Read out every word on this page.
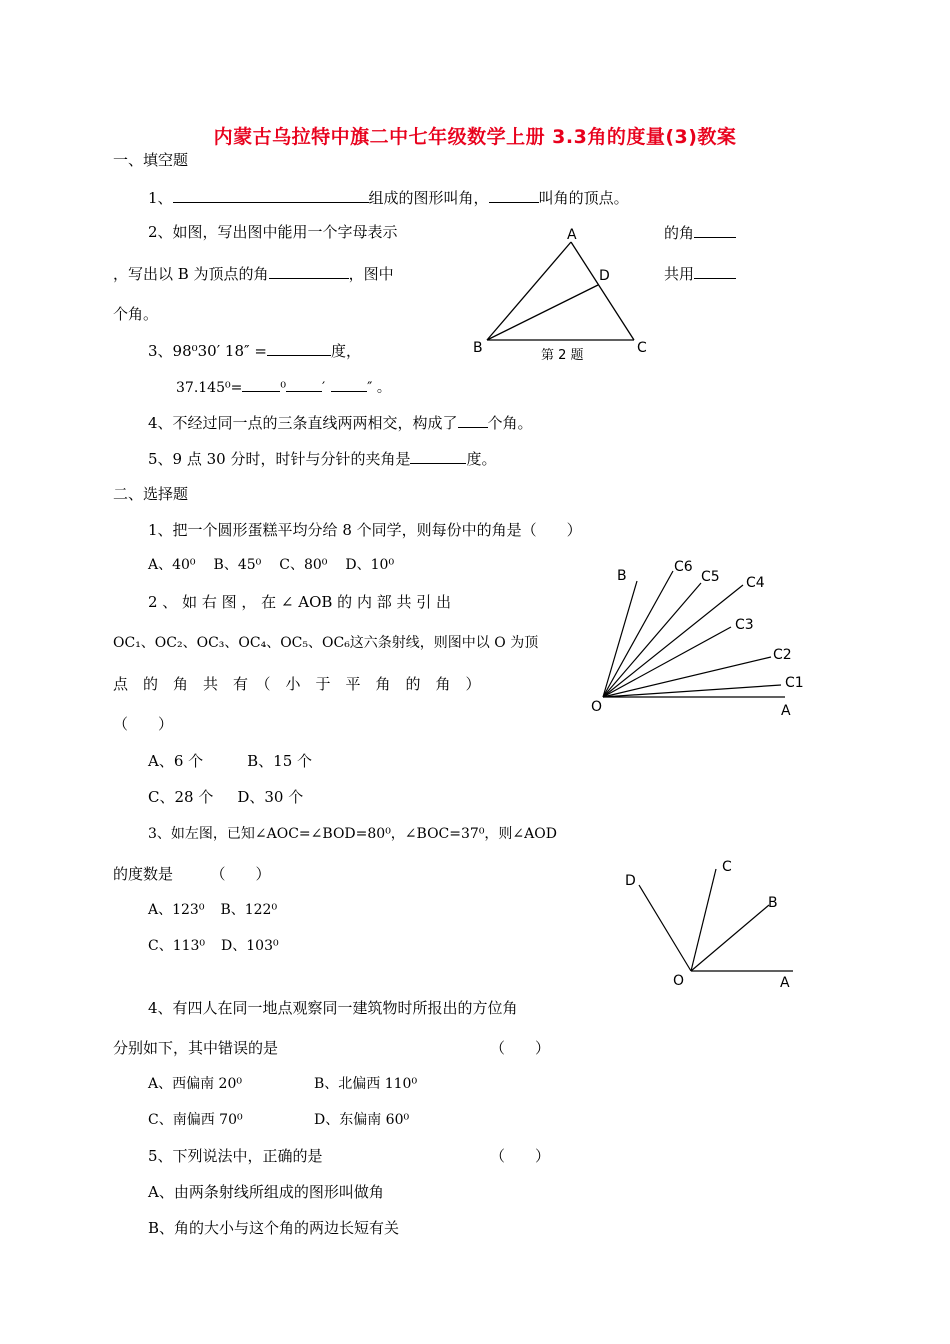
内蒙古乌拉特中旗二中七年级数学上册 3.3角的度量(3)教案
一、填空题
1、	组成的图形叫角，	叫角的顶点。
2、如图，写出图中能用一个字母表示	的角
，写出以 B 为顶点的角	，图中	共用
个角。
3、98⁰30′ 18″ =	度，
37.145⁰=	⁰	′	″ 。
4、不经过同一点的三条直线两两相交，构成了 个角。
5、9 点 30 分时，时针与分针的夹角是	度。
A
B	C
D
第 2 题
二、选择题
1、把一个圆形蛋糕平均分给 8 个同学，则每份中的角是（　　）
A、40⁰ B、45⁰ C、80⁰ D、10⁰
2 、 如 右 图 ， 在 ∠ AOB 的 内 部 共 引 出
OC₁、OC₂、OC₃、OC₄、OC₅、OC₆这六条射线，则图中以 O 为顶
点　的　角　共　有　（　小　于　平　角　的　角　）
（　　）
A、6 个	B、15 个
C、28 个 D、30 个
O	A
B
C1
C2
C3
C4
C5
C6
3、如左图，已知∠AOC=∠BOD=80⁰，∠BOC=37⁰，则∠AOD
的度数是　　　（　　）
A、123⁰ B、122⁰
C、113⁰ D、103⁰
O	A
B
C
D
4、有四人在同一地点观察同一建筑物时所报出的方位角
分别如下，其中错误的是	（　　）
A、西偏南 20⁰	B、北偏西 110⁰
C、南偏西 70⁰	D、东偏南 60⁰
5、下列说法中，正确的是	（　　）
A、由两条射线所组成的图形叫做角
B、角的大小与这个角的两边长短有关
